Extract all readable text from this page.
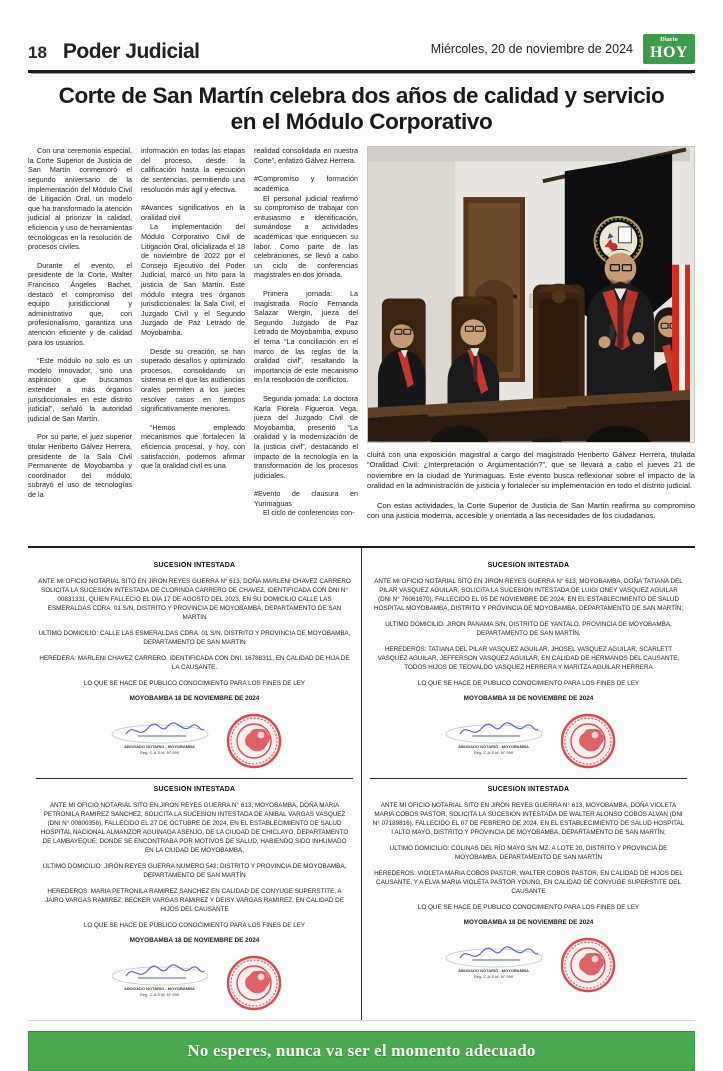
18 Poder Judicial	Miércoles, 20 de noviembre de 2024
Diario
HOY
Corte de San Martín celebra dos años de calidad y servicio
en el Módulo Corporativo

Con una ceremonia especial, la Corte Superior de Justicia de San Martín conmemoró el segundo aniversario de la implementación del Módulo Civil de Litigación Oral, un modelo que ha transformado la atención judicial al priorizar la calidad, eficiencia y uso de herramientas tecnológicas en la resolución de procesos civiles.

Durante el evento, el presidente de la Corte, Walter Francisco Ángeles Bachet, destacó el compromiso del equipo jurisdiccional y administrativo que, con profesionalismo, garantiza una atención eficiente y de calidad para los usuarios.

“Este módulo no solo es un modelo innovador, sino una aspiración que buscamos extender a más órganos jurisdiccionales en este distrito judicial”, señaló la autoridad judicial de San Martín.

Por su parte, el juez superior titular Heriberto Gálvez Herrera, presidente de la Sala Civil Permanente de Moyobamba y coordinador del módulo, subrayó el uso de tecnologías de la

información en todas las etapas del proceso, desde la calificación hasta la ejecución de sentencias, permitiendo una resolución más ágil y efectiva.

#Avances significativos en la oralidad civil

La implementación del Módulo Corporativo Civil de Litigación Oral, oficializada el 18 de noviembre de 2022 por el Consejo Ejecutivo del Poder Judicial, marcó un hito para la justicia de San Martín. Este módulo integra tres órganos jurisdiccionales: la Sala Civil, el Juzgado Civil y el Segundo Juzgado de Paz Letrado de Moyobamba.

Desde su creación, se han superado desafíos y optimizado procesos, consolidando un sistema en el que las audiencias orales permiten a los jueces resolver casos en tiempos significativamente menores.

“Hemos empleado mecanismos que fortalecen la eficiencia procesal, y hoy, con satisfacción, podemos afirmar que la oralidad civil es una

realidad consolidada en nuestra Corte”, enfatizó Gálvez Herrera.

#Compromiso y formación académica

El personal judicial reafirmó su compromiso de trabajar con entusiasmo e identificación, sumándose a actividades académicas que enriquecen su labor. Como parte de las celebraciones, se llevó a cabo un ciclo de conferencias magistrales en dos jornada.

Primera jornada: La magistrada Rocío Fernanda Salazar Wergin, jueza del Segundo Juzgado de Paz Letrado de Moyobamba, expuso el tema “La conciliación en el marco de las reglas de la oralidad civil”, resaltando la importancia de este mecanismo en la resolución de conflictos.

Segunda jornada: La doctora Karla Fiorela Figueroa Vega, jueza del Juzgado Civil de Moyobamba, presentó “La oralidad y la modernización de la justicia civil”, destacando el impacto de la tecnología en la transformación de los procesos judiciales.

#Evento de clausura en Yurimaguas

El ciclo de conferencias con-

cluirá con una exposición magistral a cargo del magistrado Heriberto Gálvez Herrera, titulada “Oralidad Civil: ¿Interpretación o Argumentación?”, que se llevará a cabo el jueves 21 de noviembre en la ciudad de Yurimaguas. Este evento busca reflexionar sobre el impacto de la oralidad en la administración de justicia y fortalecer su implementación en todo el distrito judicial.

Con estas actividades, la Corte Superior de Justicia de San Martín reafirma su compromiso con una justicia moderna, accesible y orientada a las necesidades de los ciudadanos.

SUCESION INTESTADA

ANTE MI OFICIO NOTARIAL SITO EN JIRON REYES GUERRA N° 613, DOÑA MARLENI CHAVEZ CARRERO SOLICITA LA SUCESION INTESTADA DE CLORINDA CARRERO DE CHAVEZ, IDENTIFICADA CON DNI N° 00831331, QUIEN FALLECIO EL DIA 17 DE AGOSTO DEL 2023, EN SU DOMICILIO CALLE LAS ESMERALDAS CDRA. 01 S/N, DISTRITO Y PROVINCIA DE MOYOBAMBA, DEPARTAMENTO DE SAN MARTIN

ULTIMO DOMICILIO: CALLE LAS ESMERALDAS CDRA. 01 S/N, DISTRITO Y PROVINCIA DE MOYOBAMBA, DEPARTAMENTO DE SAN MARTIN

HEREDERA: MARLENI CHAVEZ CARRERO, IDENTIFICADA CON DNI. 16788311, EN CALIDAD DE HIJA DE LA CAUSANTE.

LO QUE SE HACE DE PUBLICO CONOCIMIENTO PARA LOS FINES DE LEY

MOYOBAMBA 18 DE NOVIEMBRE DE 2024
ABOGADO NOTARIO - MOYOBAMBA
Reg. C.A.S.M. N° 099
SUCESION INTESTADA

ANTE MI OFICIO NOTARIAL SITO EN JIRON REYES GUERRA N° 613, MOYOBAMBA, DOÑA MARIA PETRONILA RAMIREZ SANCHEZ, SOLICITA LA SUCESION INTESTADA DE ANIBAL VARGAS VASQUEZ (DNI N° 00800356), FALLECIDO EL 27 DE OCTUBRE DE 2024, EN EL ESTABLECIMIENTO DE SALUD HOSPITAL NACIONAL ALMANZOR AGUINAGA ASENJO, DE LA CIUDAD DE CHICLAYO, DEPARTAMENTO DE LAMBAYEQUE; DONDE SE ENCONTRABA POR MOTIVOS DE SALUD, HABIENDO SIDO INHUMADO EN LA CIUDAD DE MOYOBAMBA,

ULTIMO DOMICILIO: JIRÓN REYES GUERRA NUMERO 542; DISTRITO Y PROVINCIA DE MOYOBAMBA, DEPARTAMENTO DE SAN MARTÍN

HEREDEROS: MARIA PETRONILA RAMIREZ SANCHEZ EN CALIDAD DE CONYUGE SUPERSTITE, A JAIRO VARGAS RAMIREZ; BECKER VARGAS RAMIREZ Y DEISY VARGAS RAMIREZ, EN CALIDAD DE HIJOS DEL CAUSANTE

LO QUE SE HACE DE PUBLICO CONOCIMIENTO PARA LOS FINES DE LEY

MOYOBAMBA 18 DE NOVIEMBRE DE 2024
ABOGADO NOTARIO - MOYOBAMBA
Reg. C.A.S.M. N° 099
SUCESION INTESTADA

ANTE MI OFICIO NOTARIAL SITO EN JIRON REYES GUERRA N° 613, MOYOBAMBA, DOÑA TATIANA DEL PILAR VASQUEZ AGUILAR, SOLICITA LA SUCESION INTESTADA DE LUIGI ONEY VASQUEZ AGUILAR (DNI N° 76061670), FALLECIDO EL 05 DE NOVIEMBRE DE 2024, EN EL ESTABLECIMIENTO DE SALUD HOSPITAL MOYOBAMBA, DISTRITO Y PROVINCIA DE MOYOBAMBA, DEPARTAMENTO DE SAN MARTÍN;

ULTIMO DOMICILIO: JIRON PANAMA S/N, DISTRITO DE YANTALO, PROVINCIA DE MOYOBAMBA, DEPARTAMENTO DE SAN MARTÍN.

HEREDEROS: TATIANA DEL PILAR VASQUEZ AGUILAR, JHOSEL VASQUEZ AGUILAR, SCARLETT VASQUEZ AGUILAR, JEFFERSON VASQUEZ AGUILAR, EN CALIDAD DE HERMANOS DEL CAUSANTE, TODOS HIJOS DE TEOVALDO VASQUEZ HERRERA Y MARITZA AGUILAR HERRERA

LO QUE SE HACE DE PUBLICO CONOCIMIENTO PARA LOS FINES DE LEY

MOYOBAMBA 18 DE NOVIEMBRE DE 2024
ABOGADO NOTARIO - MOYOBAMBA
Reg. C.A.S.M. N° 099
SUCESION INTESTADA

ANTE MI OFICIO NOTARIAL SITO EN JIRON REYES GUERRA N° 613, MOYOBAMBA, DOÑA VIOLETA MARIA COBOS PASTOR, SOLICITA LA SUCESION INTESTADA DE WALTER ALONSO COBOS ALVAN (DNI N° 07189816), FALLECIDO EL 07 DE FEBRERO DE 2024, EN EL ESTABLECIMIENTO DE SALUD HOSPITAL I ALTO MAYO, DISTRITO Y PROVINCIA DE MOYOBAMBA, DEPARTAMENTO DE SAN MARTÍN;

ULTIMO DOMICILIO: COLINAS DEL RÍO MAYO S/N MZ. A LOTE 20, DISTRITO Y PROVINCIA DE MOYOBAMBA, DEPARTAMENTO DE SAN MARTÍN

HEREDEROS: VIOLETA MARIA COBOS PASTOR, WALTER COBOS PASTOR, EN CALIDAD DE HIJOS DEL CAUSANTE, Y A ELVA MARIA VIOLETA PASTOR YOUNG, EN CALIDAD DE CONYUGE SUPERSTITE DEL CAUSANTE

LO QUE SE HACE DE PUBLICO CONOCIMIENTO PARA LOS FINES DE LEY

MOYOBAMBA 18 DE NOVIEMBRE DE 2024
ABOGADO NOTARIO - MOYOBAMBA
Reg. C.A.S.M. N° 099
No esperes, nunca va ser el momento adecuado
